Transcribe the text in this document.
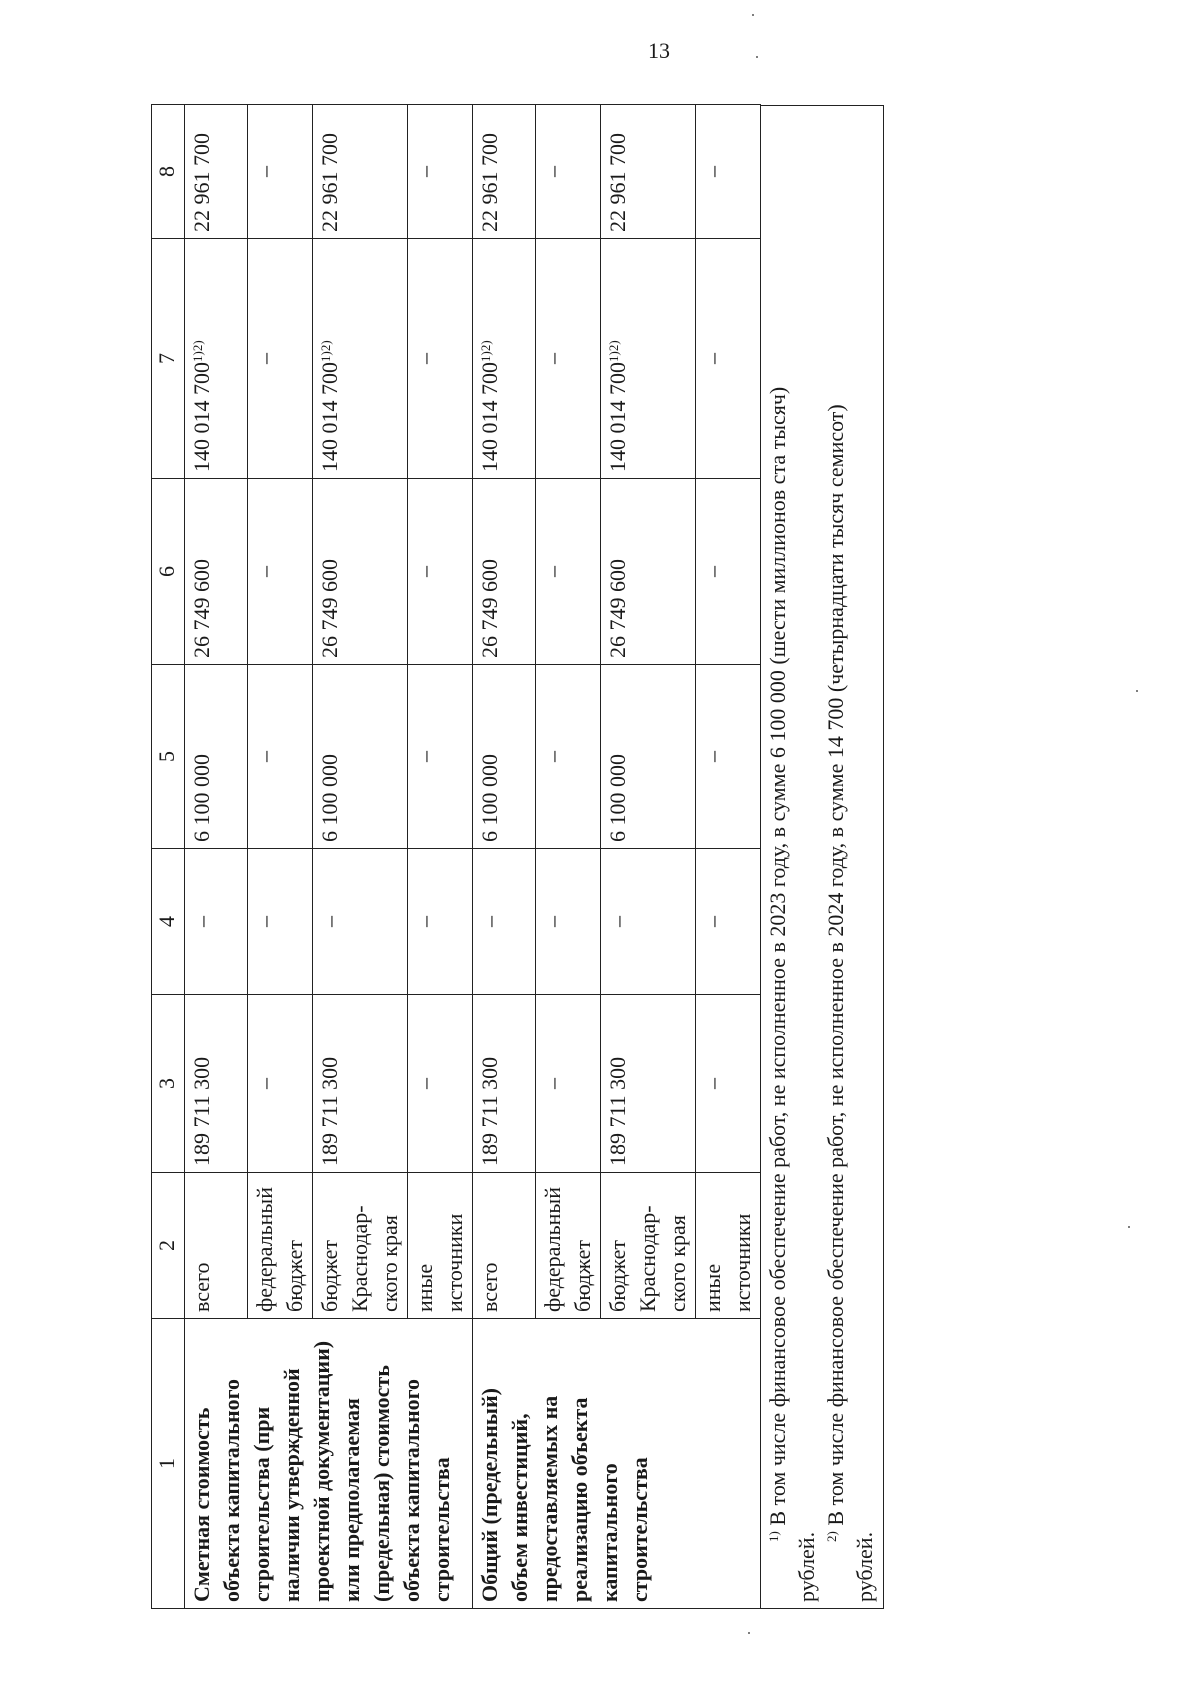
13
1	2	3	4	5	6	7	8
Сметная стоимость объекта капитального строительства (при наличии утвержденной проектной документации) или предполагаемая (предельная) стоимость объекта капитального строительства	всего	189 711 300	–	6 100 000	26 749 600	140 014 $700^{1)2)}$	22 961 700
	федеральный бюджет	–	–	–	–	–	–
	бюджет Краснодар-ского края	189 711 300	–	6 100 000	26 749 600	140 014 $700^{1)2)}$	22 961 700
	иные источники	–	–	–	–	–	–
Общий (предельный) объем инвестиций, предоставляемых на реализацию объекта капитального строительства	всего	189 711 300	–	6 100 000	26 749 600	140 014 $700^{1)2)}$	22 961 700
	федеральный бюджет	–	–	–	–	–	–
	бюджет Краснодар-ского края	189 711 300	–	6 100 000	26 749 600	140 014 $700^{1)2)}$	22 961 700
	иные источники	–	–	–	–	–	–

$^{1)}$ В том числе финансовое обеспечение работ, не исполненное в 2023 году, в сумме 6 100 000 (шести миллионов ста тысяч)

рублей. $^{2)}$ В том числе финансовое обеспечение работ, не исполненное в 2024 году, в сумме 14 700 (четырнадцати тысяч семисот)

рублей.
